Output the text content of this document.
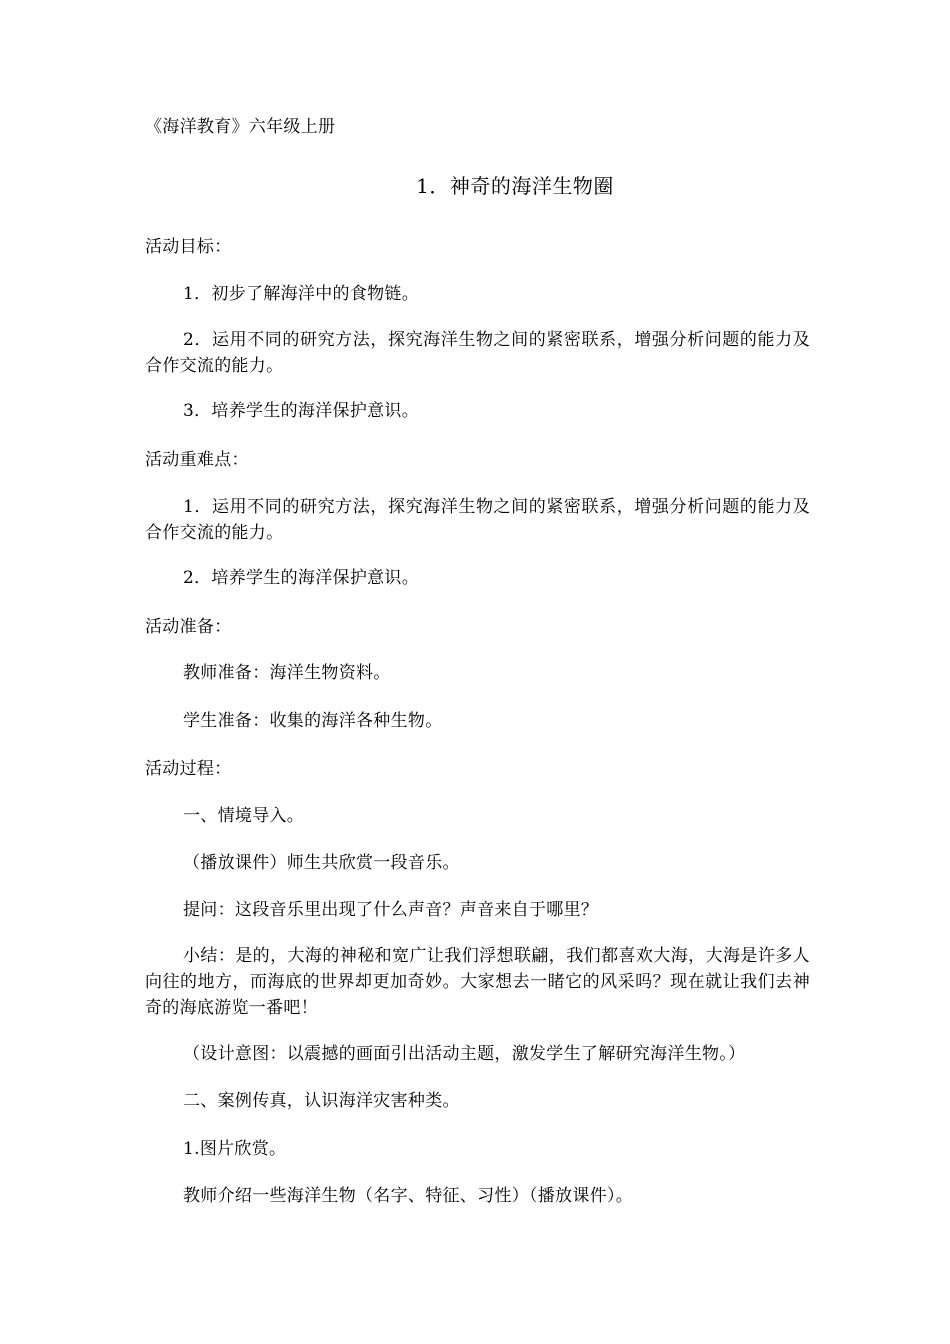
《海洋教育》六年级上册
1．神奇的海洋生物圈
活动目标：
1．初步了解海洋中的食物链。
2．运用不同的研究方法，探究海洋生物之间的紧密联系，增强分析问题的能力及合作交流的能力。
3．培养学生的海洋保护意识。
活动重难点：
1．运用不同的研究方法，探究海洋生物之间的紧密联系，增强分析问题的能力及合作交流的能力。
2．培养学生的海洋保护意识。
活动准备：
教师准备：海洋生物资料。
学生准备：收集的海洋各种生物。
活动过程：
一、情境导入。
（播放课件）师生共欣赏一段音乐。
提问：这段音乐里出现了什么声音？声音来自于哪里？
小结：是的，大海的神秘和宽广让我们浮想联翩，我们都喜欢大海，大海是许多人向往的地方，而海底的世界却更加奇妙。大家想去一睹它的风采吗？现在就让我们去神奇的海底游览一番吧！
（设计意图：以震撼的画面引出活动主题，激发学生了解研究海洋生物。）
二、案例传真，认识海洋灾害种类。
1.图片欣赏。
教师介绍一些海洋生物（名字、特征、习性）（播放课件）。
